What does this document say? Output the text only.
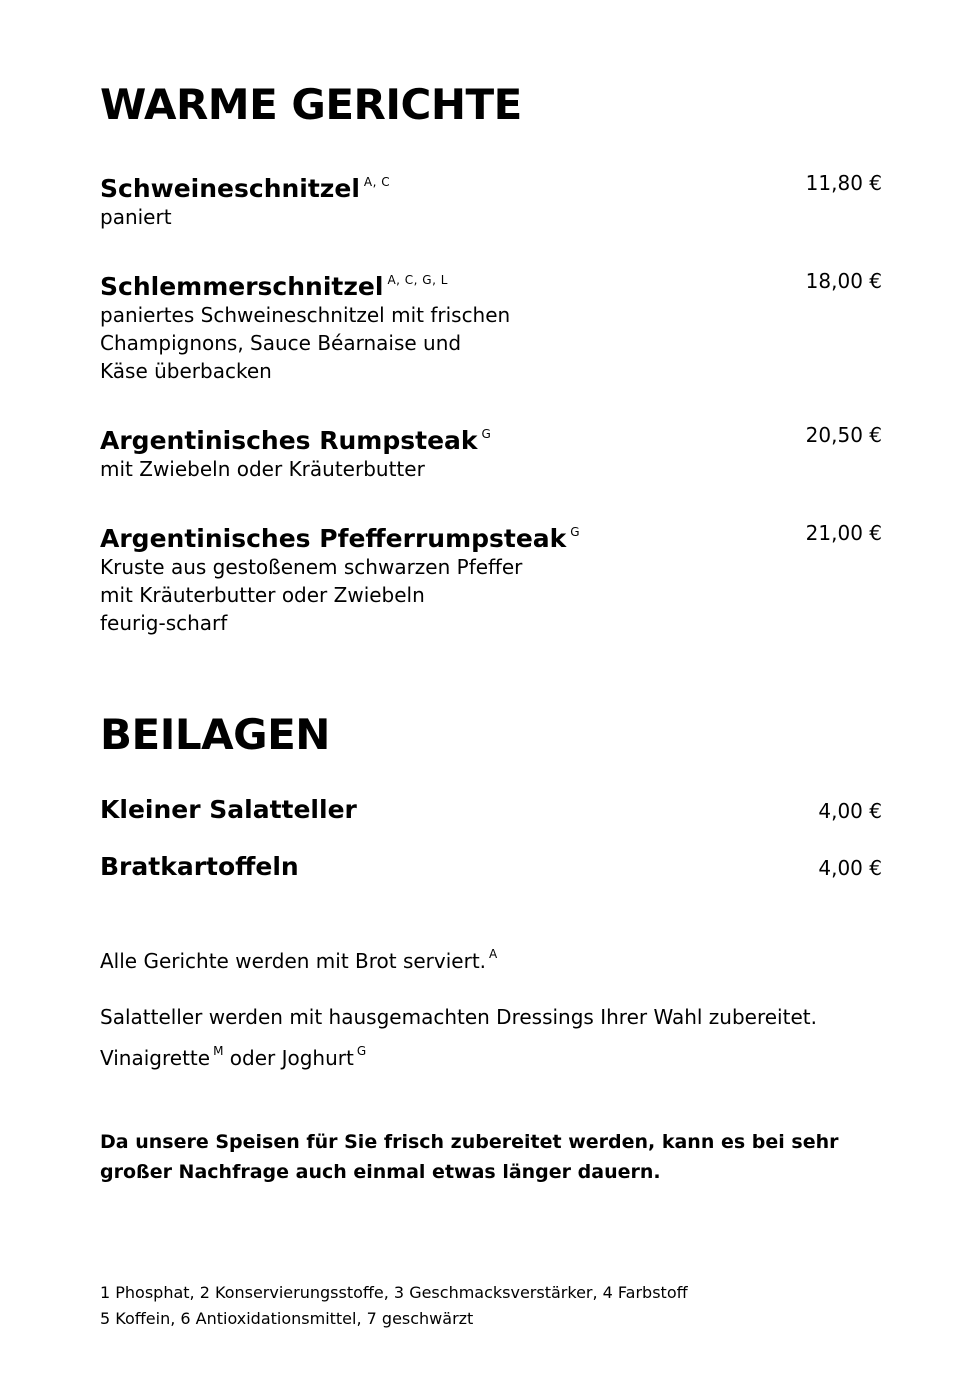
WARME GERICHTE
Schweineschnitzel $^{A, C}$	11,80 €
paniert
Schlemmerschnitzel $^{A, C, G, L}$	18,00 €
paniertes Schweineschnitzel mit frischen
Champignons, Sauce Béarnaise und
Käse überbacken
Argentinisches Rumpsteak $^G$	20,50 €
mit Zwiebeln oder Kräuterbutter
Argentinisches Pfefferrumpsteak $^G$	21,00 €
Kruste aus gestoßenem schwarzen Pfeffer
mit Kräuterbutter oder Zwiebeln
feurig-scharf
BEILAGEN
Kleiner Salatteller	4,00 €
Bratkartoffeln	4,00 €
Alle Gerichte werden mit Brot serviert. $^A$
Salatteller werden mit hausgemachten Dressings Ihrer Wahl zubereitet.
Vinaigrette $^M$ oder Joghurt $^G$
Da unsere Speisen für Sie frisch zubereitet werden, kann es bei sehr
großer Nachfrage auch einmal etwas länger dauern.
1 Phosphat, 2 Konservierungsstoffe, 3 Geschmacksverstärker, 4 Farbstoff
5 Koffein, 6 Antioxidationsmittel, 7 geschwärzt
